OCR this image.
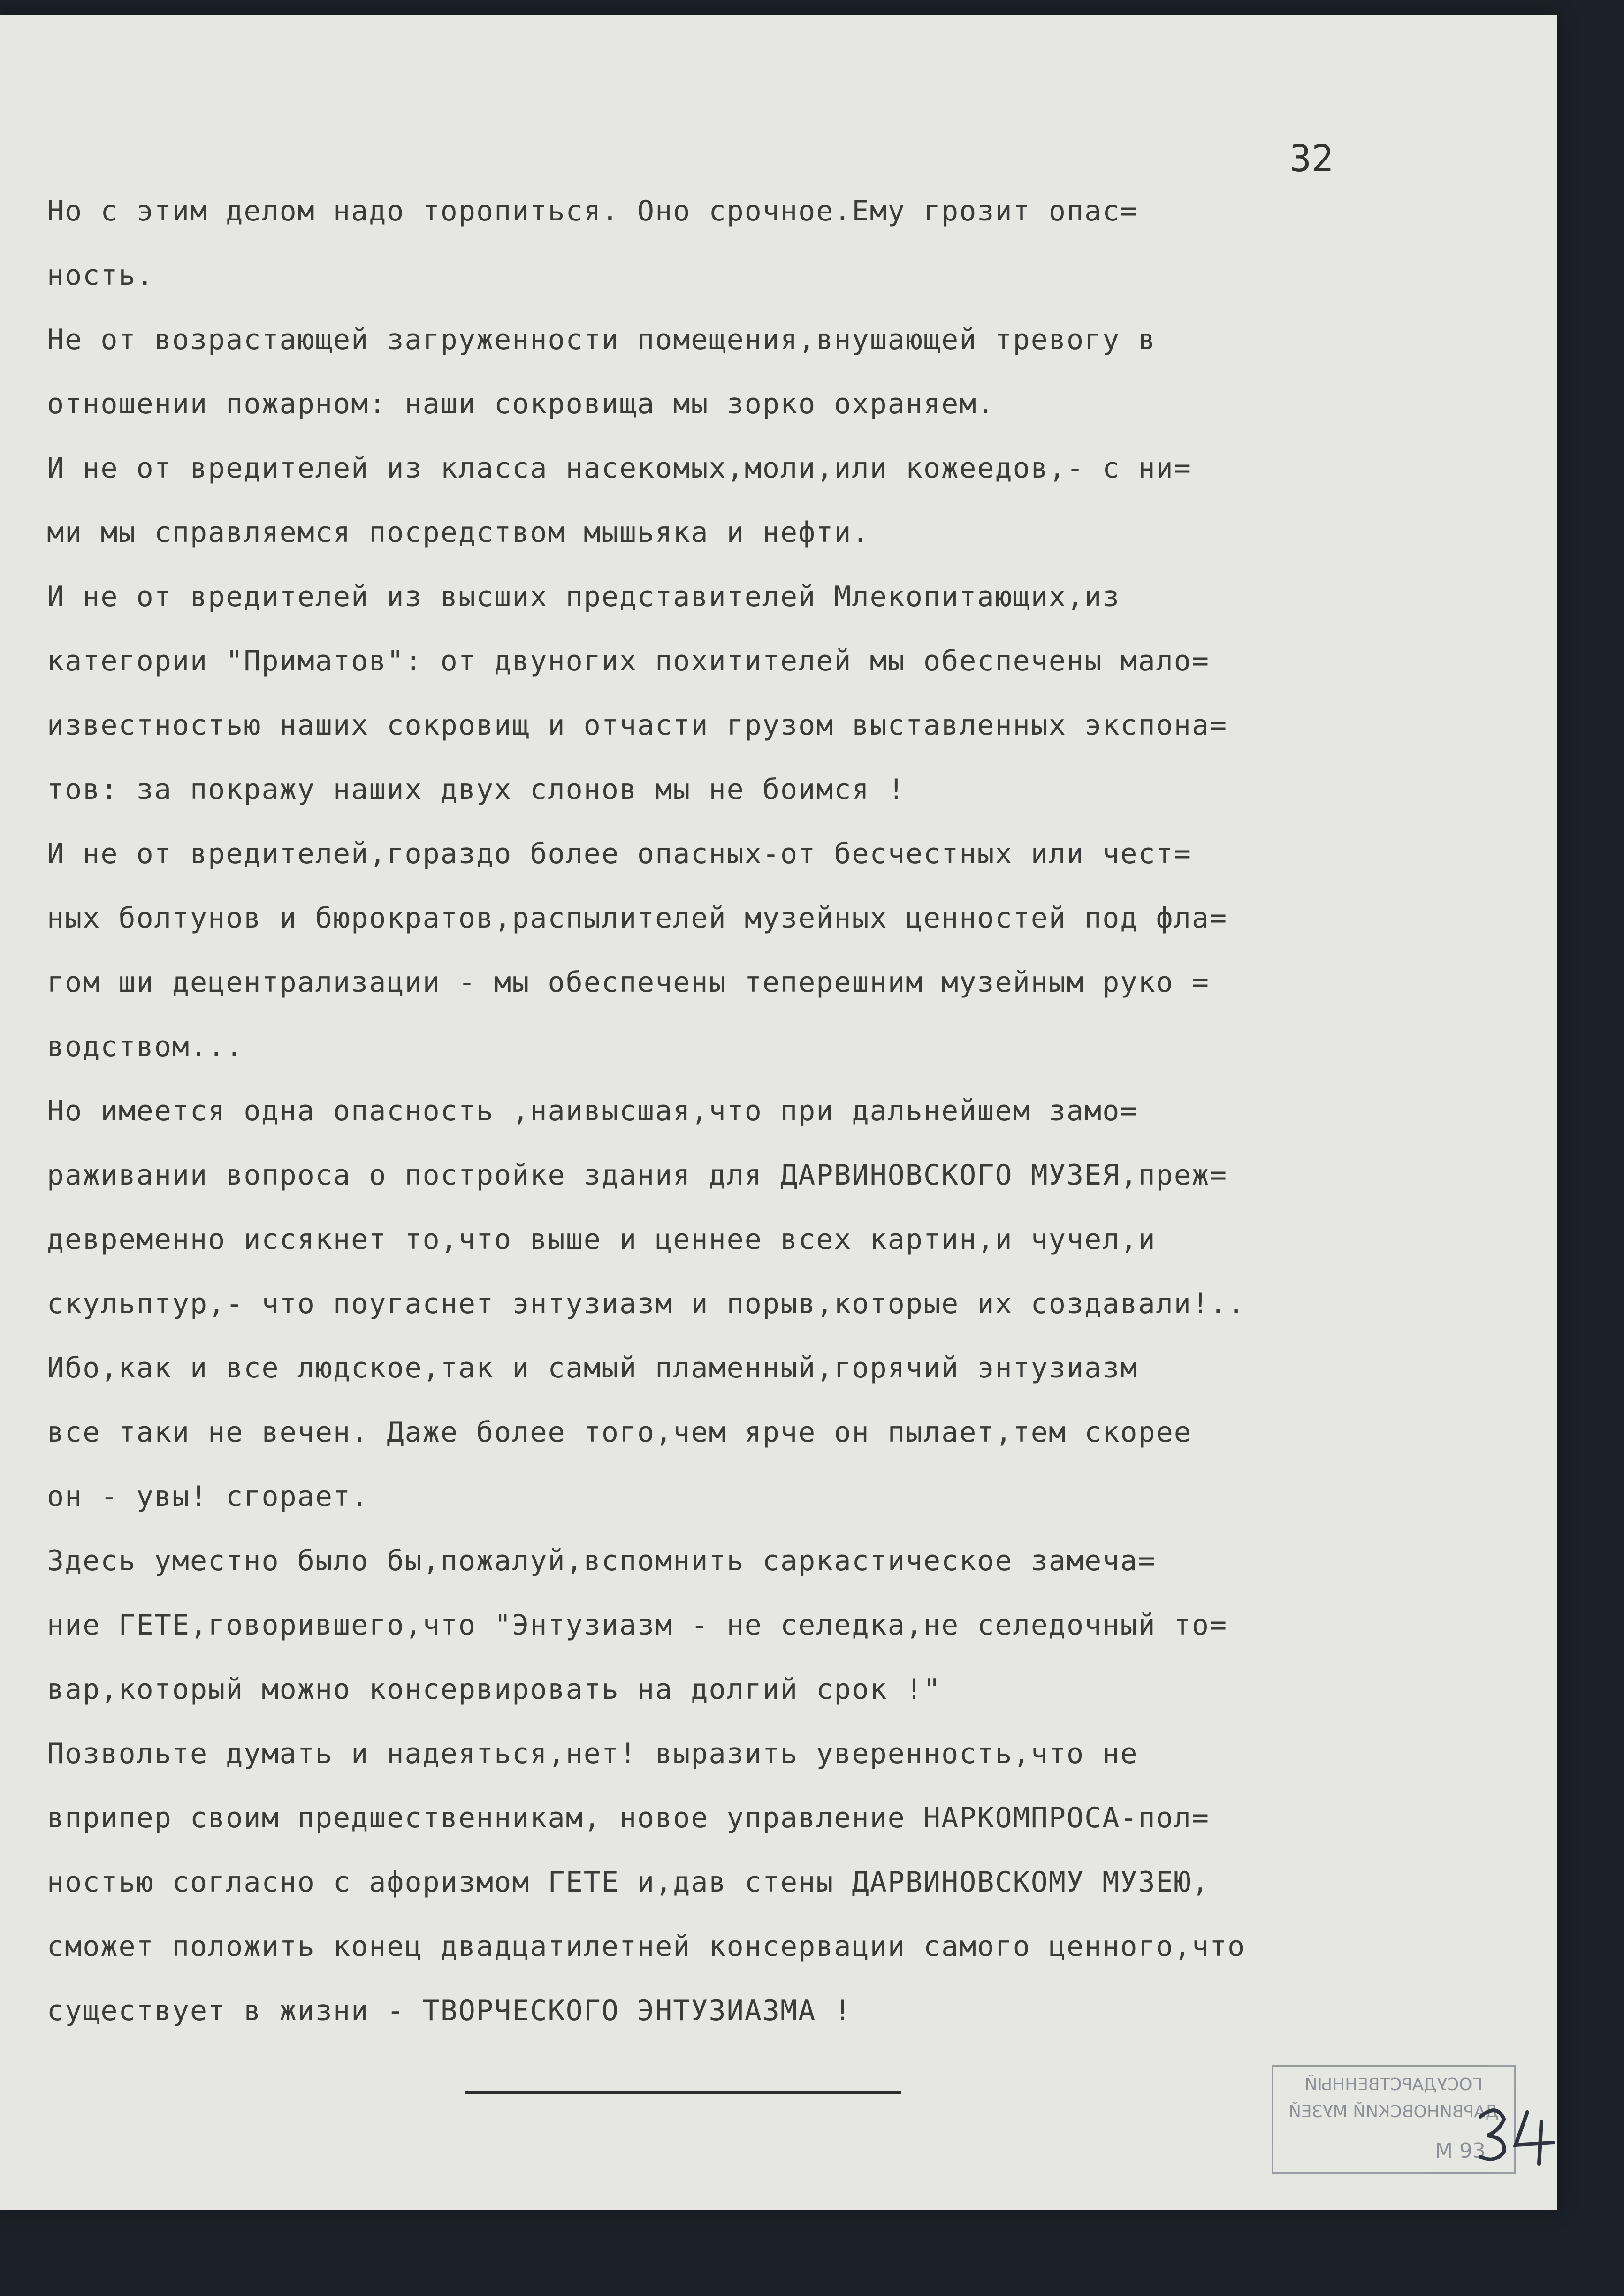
32
Но с этим делом надо торопиться. Оно срочное.Ему грозит опас=
ность.
Не от возрастающей загруженности помещения,внушающей тревогу в
отношении пожарном: наши сокровища мы зорко охраняем.
И не от вредителей из класса насекомых,моли,или кожеедов,- с ни=
ми мы справляемся посредством мышьяка и нефти.
И не от вредителей из высших представителей Млекопитающих,из
категории "Приматов": от двуногих похитителей мы обеспечены мало=
известностью наших сокровищ и отчасти грузом выставленных экспона=
тов: за покражу наших двух слонов мы не боимся !
И не от вредителей,гораздо более опасных-от бесчестных или чест=
ных болтунов и бюрократов,распылителей музейных ценностей под фла=
гом ши децентрализации - мы обеспечены теперешним музейным руко =
водством...
Но имеется одна опасность ,наивысшая,что при дальнейшем замо=
раживании вопроса о постройке здания для ДАРВИНОВСКОГО МУЗЕЯ,преж=
девременно иссякнет то,что выше и ценнее всех картин,и чучел,и
скульптур,- что поугаснет энтузиазм и порыв,которые их создавали!..
Ибо,как и все людское,так и самый пламенный,горячий энтузиазм
все таки не вечен. Даже более того,чем ярче он пылает,тем скорее
он - увы! сгорает.
Здесь уместно было бы,пожалуй,вспомнить саркастическое замеча=
ние ГЕТЕ,говорившего,что "Энтузиазм - не селедка,не селедочный то=
вар,который можно консервировать на долгий срок !"
Позвольте думать и надеяться,нет! выразить уверенность,что не
вприпер своим предшественникам, новое управление НАРКОМПРОСА-пол=
ностью согласно с афоризмом ГЕТЕ и,дав стены ДАРВИНОВСКОМУ МУЗЕЮ,
сможет положить конец двадцатилетней консервации самого ценного,что
существует в жизни - ТВОРЧЕСКОГО ЭНТУЗИАЗМА !
ГОСУДАРСТВЕННЫЙ
ДАРВИНОВСКИЙ МУЗЕЙ
М 93
